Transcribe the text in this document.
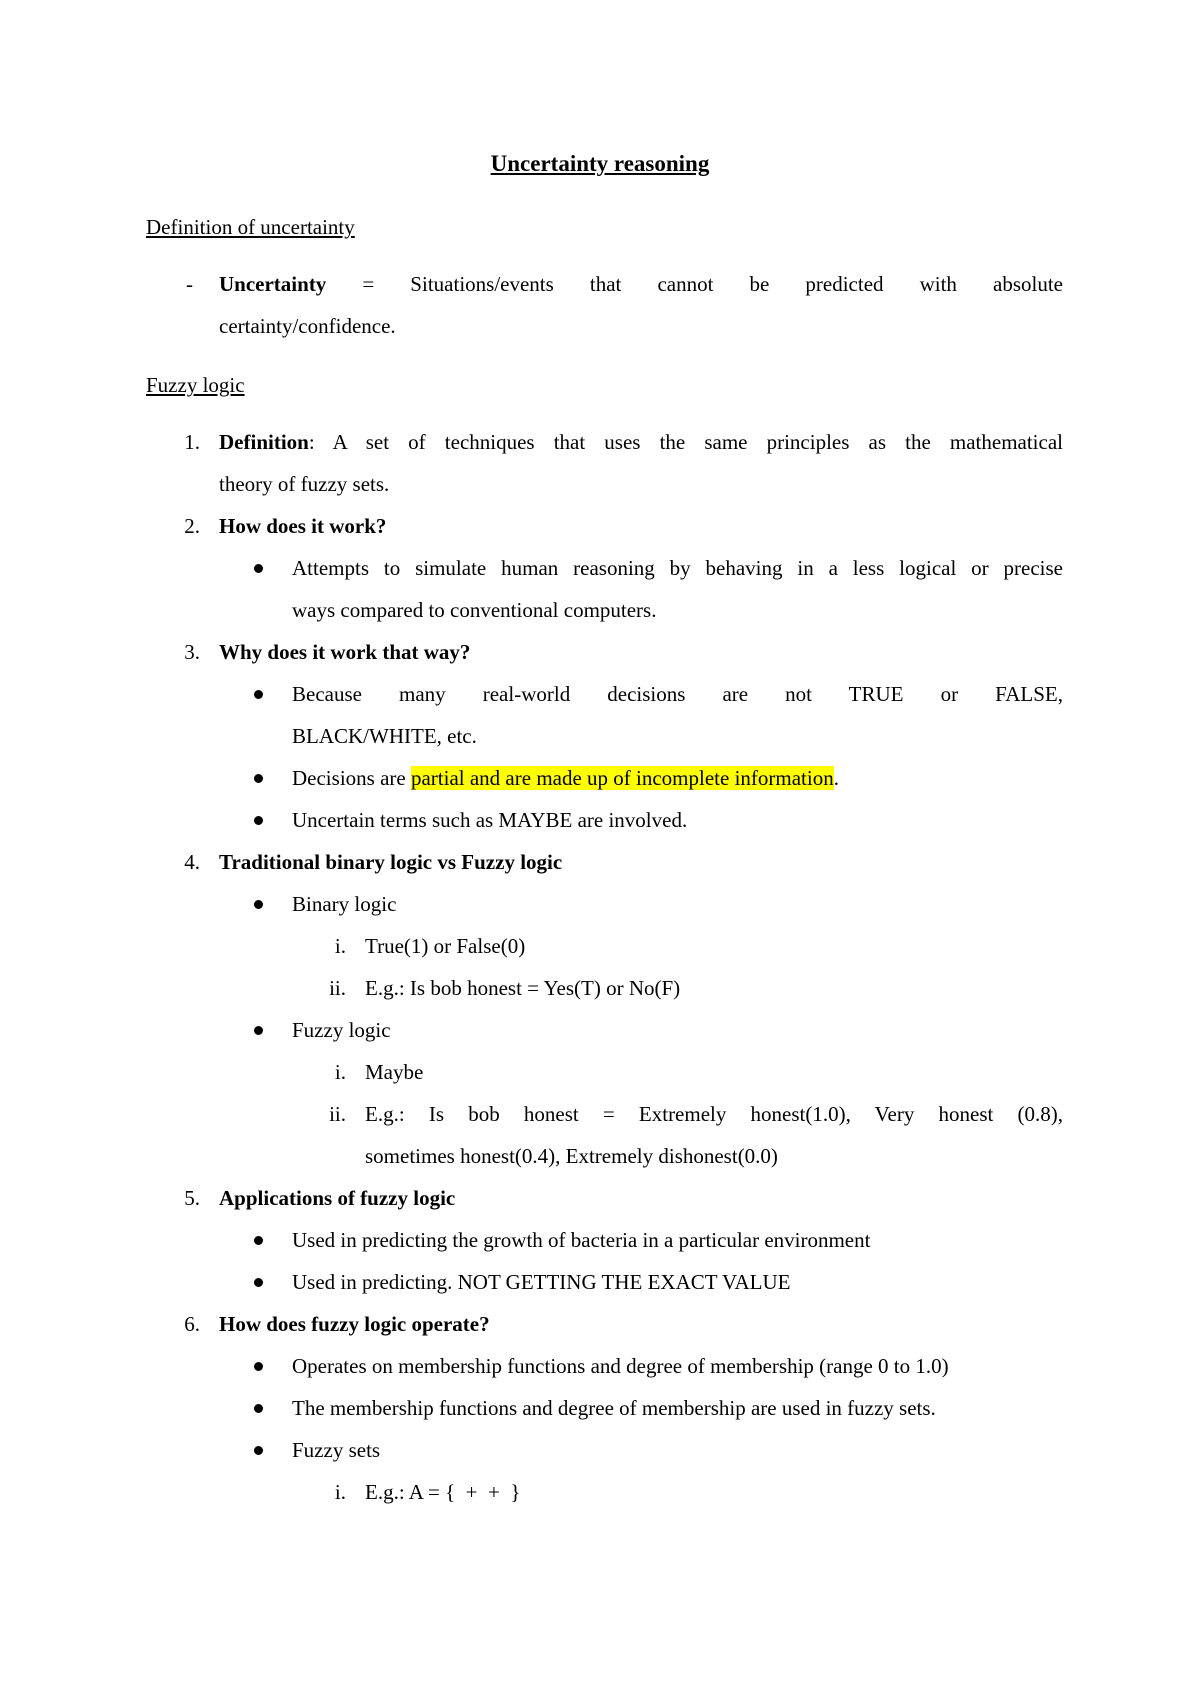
Uncertainty reasoning
Definition of uncertainty
- Uncertainty = Situations/events that cannot be predicted with absolute
certainty/confidence.
Fuzzy logic
1. Definition: A set of techniques that uses the same principles as the mathematical
theory of fuzzy sets.
2. How does it work?
Attempts to simulate human reasoning by behaving in a less logical or precise
ways compared to conventional computers.
3. Why does it work that way?
Because many real-world decisions are not TRUE or FALSE,
BLACK/WHITE, etc.
Decisions are partial and are made up of incomplete information.
Uncertain terms such as MAYBE are involved.
4. Traditional binary logic vs Fuzzy logic
Binary logic
i. True(1) or False(0)
ii. E.g.: Is bob honest = Yes(T) or No(F)
Fuzzy logic
i. Maybe
ii. E.g.: Is bob honest = Extremely honest(1.0), Very honest (0.8),
sometimes honest(0.4), Extremely dishonest(0.0)
5. Applications of fuzzy logic
Used in predicting the growth of bacteria in a particular environment
Used in predicting. NOT GETTING THE EXACT VALUE
6. How does fuzzy logic operate?
Operates on membership functions and degree of membership (range 0 to 1.0)
The membership functions and degree of membership are used in fuzzy sets.
Fuzzy sets
i. E.g.: A = {  +  +  }
